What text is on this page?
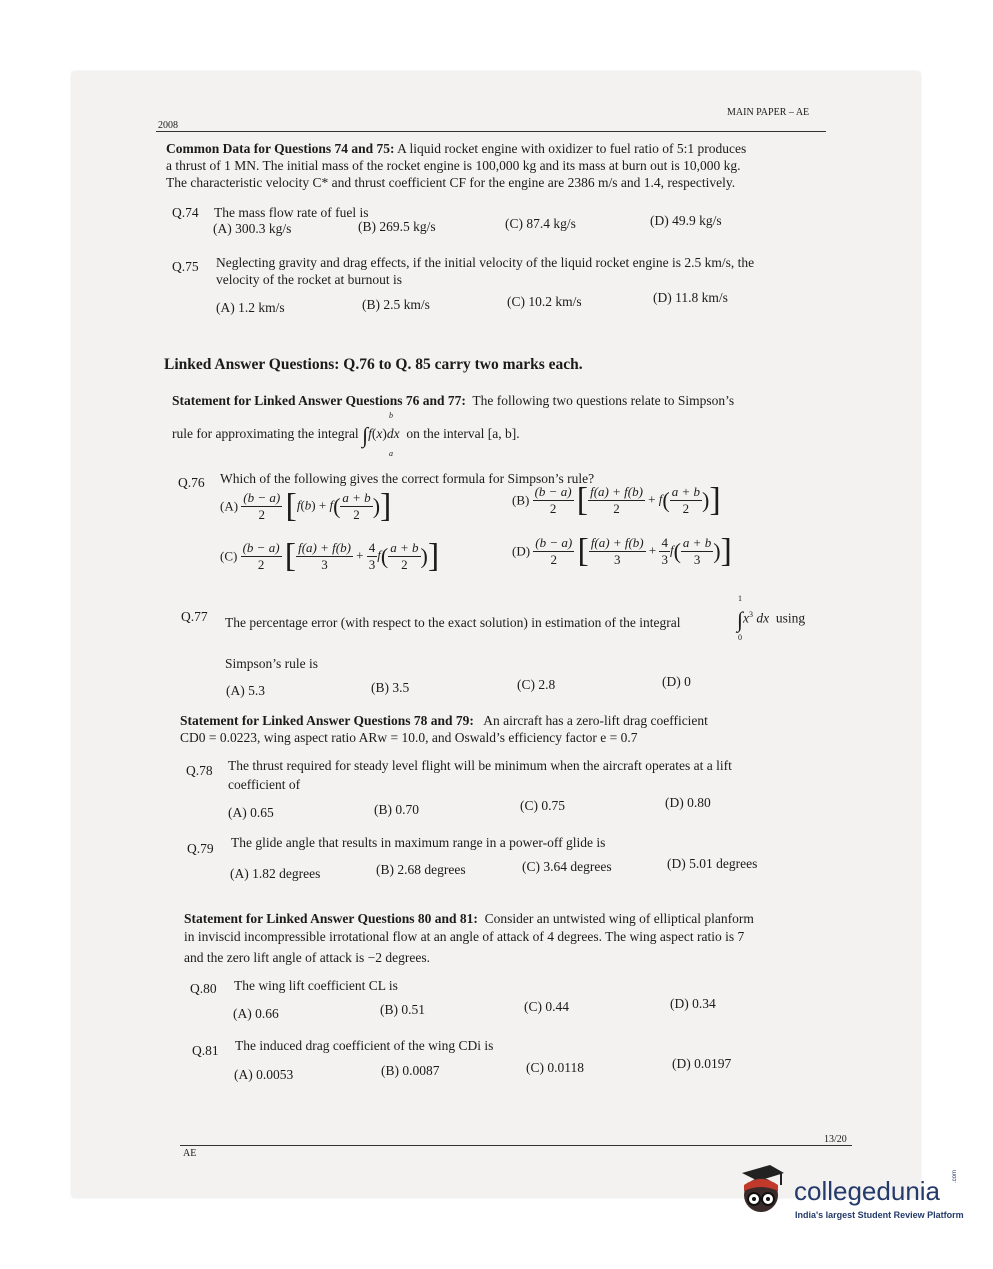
MAIN PAPER – AE
2008
Common Data for Questions 74 and 75: A liquid rocket engine with oxidizer to fuel ratio of 5:1 produces
a thrust of 1 MN. The initial mass of the rocket engine is 100,000 kg and its mass at burn out is 10,000 kg.
The characteristic velocity C* and thrust coefficient CF for the engine are 2386 m/s and 1.4, respectively.
Q.74 The mass flow rate of fuel is
(A) 300.3 kg/s	(B) 269.5 kg/s	(C) 87.4 kg/s	(D) 49.9 kg/s
Q.75 Neglecting gravity and drag effects, if the initial velocity of the liquid rocket engine is 2.5 km/s, the
velocity of the rocket at burnout is
(A) 1.2 km/s	(B) 2.5 km/s	(C) 10.2 km/s	(D) 11.8 km/s
Linked Answer Questions: Q.76 to Q. 85 carry two marks each.
Statement for Linked Answer Questions 76 and 77: The following two questions relate to Simpson’s
rule for approximating the integral ∫f(x)dx on the interval [a, b].
b
a
Q.76 Which of the following gives the correct formula for Simpson’s rule?
$(A) \frac{(b - a)}{2} [f(b) + f( \frac{a + b}{2}$ )]	$(B) \frac{(b - a)}{2}$ [ $\frac{f(a) + f(b)}{2} + f( \frac{a + b}{2}$ )]
$(C) \frac{(b - a)}{2}$ [ $\frac{f(a) + f(b)}{3} + \frac{4}{3} f( \frac{a + b}{2}$ )]	$(D) \frac{(b - a)}{2}$ [ $\frac{f(a) + f(b)}{3} + \frac{4}{3} f( \frac{a + b}{3}$ )]
Q.77 The percentage error (with respect to the exact solution) in estimation of the integral	$\int x^3$ dx using
1
0
Simpson’s rule is
(A) 5.3	(B) 3.5	(C) 2.8	(D) 0
Statement for Linked Answer Questions 78 and 79: An aircraft has a zero-lift drag coefficient
CD0 = 0.0223, wing aspect ratio ARw = 10.0, and Oswald’s efficiency factor e = 0.7
Q.78 The thrust required for steady level flight will be minimum when the aircraft operates at a lift
coefficient of
(A) 0.65	(B) 0.70	(C) 0.75	(D) 0.80
Q.79 The glide angle that results in maximum range in a power-off glide is
(A) 1.82 degrees	(B) 2.68 degrees	(C) 3.64 degrees	(D) 5.01 degrees
Statement for Linked Answer Questions 80 and 81: Consider an untwisted wing of elliptical planform
in inviscid incompressible irrotational flow at an angle of attack of 4 degrees. The wing aspect ratio is 7
and the zero lift angle of attack is −2 degrees.
Q.80 The wing lift coefficient CL is
(A) 0.66	(B) 0.51	(C) 0.44	(D) 0.34
Q.81 The induced drag coefficient of the wing CDi is
(A) 0.0053	(B) 0.0087	(C) 0.0118	(D) 0.0197
13/20
AE
collegedunia .com
India's largest Student Review Platform
